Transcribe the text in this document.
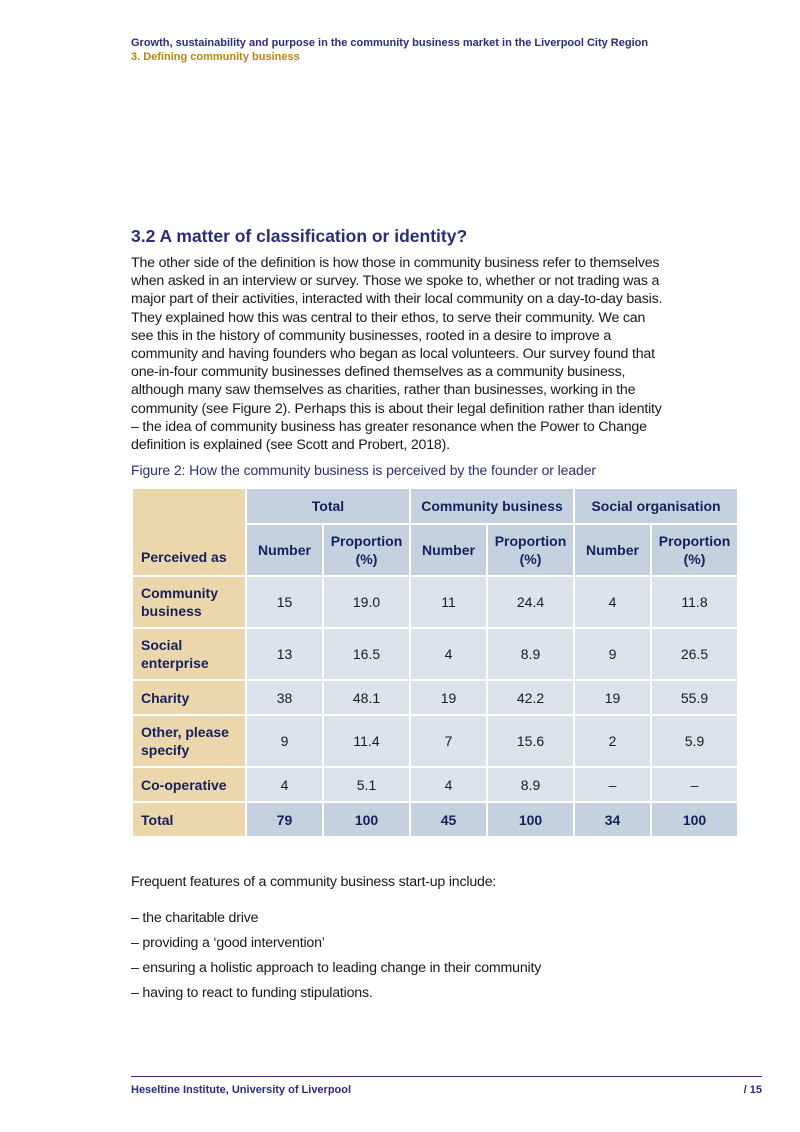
Growth, sustainability and purpose in the community business market in the Liverpool City Region
3. Defining community business
3.2 A matter of classification or identity?

The other side of the definition is how those in community business refer to themselves when asked in an interview or survey. Those we spoke to, whether or not trading was a major part of their activities, interacted with their local community on a day-to-day basis. They explained how this was central to their ethos, to serve their community. We can see this in the history of community businesses, rooted in a desire to improve a community and having founders who began as local volunteers. Our survey found that one-in-four community businesses defined themselves as a community business, although many saw themselves as charities, rather than businesses, working in the community (see Figure 2). Perhaps this is about their legal definition rather than identity – the idea of community business has greater resonance when the Power to Change definition is explained (see Scott and Probert, 2018).

Figure 2: How the community business is perceived by the founder or leader
Perceived as	Total		Community business		Social organisation	
	Number	Proportion (%)	Number	Proportion (%)	Number	Proportion (%)
Community business	15	19.0	11	24.4	4	11.8
Social enterprise	13	16.5	4	8.9	9	26.5
Charity	38	48.1	19	42.2	19	55.9
Other, please specify	9	11.4	7	15.6	2	5.9
Co-operative	4	5.1	4	8.9	–	–
Total	79	100	45	100	34	100
Frequent features of a community business start-up include:
– the charitable drive
– providing a ‘good intervention’
– ensuring a holistic approach to leading change in their community
– having to react to funding stipulations.
Heseltine Institute, University of Liverpool	/ 15
